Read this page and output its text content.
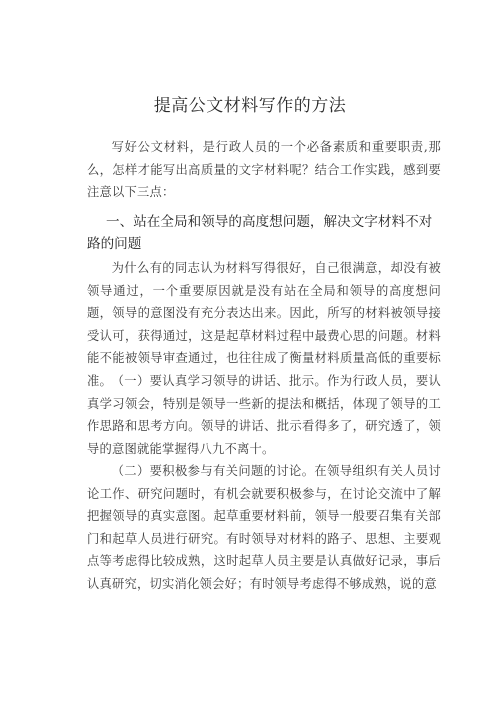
提高公文材料写作的方法

写好公文材料，是行政人员的一个必备素质和重要职责,那么，怎样才能写出高质量的文字材料呢？结合工作实践，感到要注意以下三点：

一、站在全局和领导的高度想问题，解决文字材料不对路的问题

为什么有的同志认为材料写得很好，自己很满意，却没有被领导通过，一个重要原因就是没有站在全局和领导的高度想问题，领导的意图没有充分表达出来。因此，所写的材料被领导接受认可，获得通过，这是起草材料过程中最费心思的问题。材料能不能被领导审查通过，也往往成了衡量材料质量高低的重要标准。 （一）要认真学习领导的讲话、批示。作为行政人员，要认真学习领会，特别是领导一些新的提法和概括，体现了领导的工作思路和思考方向。领导的讲话、批示看得多了，研究透了，领导的意图就能掌握得八九不离十。

（二）要积极参与有关问题的讨论。在领导组织有关人员讨论工作、研究问题时，有机会就要积极参与，在讨论交流中了解把握领导的真实意图。起草重要材料前，领导一般要召集有关部门和起草人员进行研究。有时领导对材料的路子、思想、主要观点等考虑得比较成熟，这时起草人员主要是认真做好记录，事后认真研究，切实消化领会好；有时领导考虑得不够成熟，说的意
